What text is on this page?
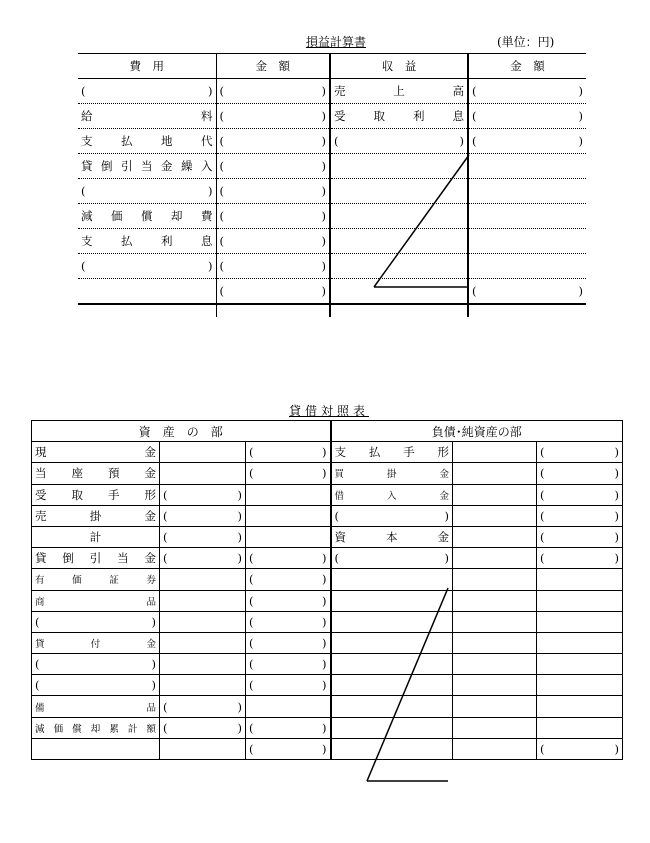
損益計算書	(単位：円)
費　用	金　額	収　益	金　額

( )	( )	売上高	( )

給料	( )	受取利息	( )

支払地代	( )	( )	( )

貸倒引当金繰入	( )		

( )	( )		

減価償却費	( )		

支払利息	( )		

( )	( )		

	( )		( )

貸借対照表
資　産　の　部			負債･純資産の部		

現金		( )	支払手形		( )

当座預金		( )	買掛金		( )

受取手形	( )		借入金		( )

売掛金	( )		( )		( )

計	( )		資本金		( )

貸倒引当金	( )	( )	( )		( )

有価証券		( )			

商品		( )			

( )		( )			

貸付金		( )			

( )		( )			

( )		( )			

備品	( )				

減価償却累計額	( )	( )			

		( )			( )
